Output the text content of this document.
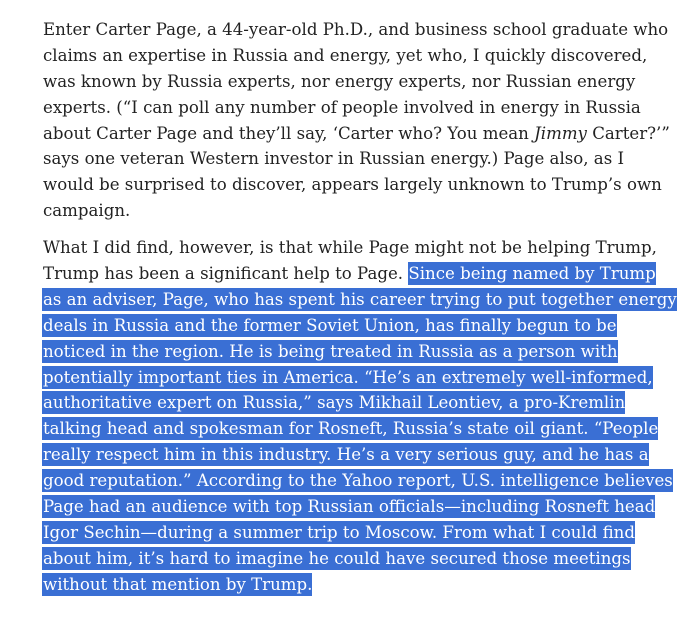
Enter Carter Page, a 44-year-old Ph.D., and business school graduate who
claims an expertise in Russia and energy, yet who, I quickly discovered,
was known by Russia experts, nor energy experts, nor Russian energy
experts. (“I can poll any number of people involved in energy in Russia
about Carter Page and they’ll say, ‘Carter who? You mean Jimmy Carter?’”
says one veteran Western investor in Russian energy.) Page also, as I
would be surprised to discover, appears largely unknown to Trump’s own
campaign.

What I did find, however, is that while Page might not be helping Trump,
Trump has been a significant help to Page. Since being named by Trump
as an adviser, Page, who has spent his career trying to put together energy
deals in Russia and the former Soviet Union, has finally begun to be
noticed in the region. He is being treated in Russia as a person with
potentially important ties in America. “He’s an extremely well-informed,
authoritative expert on Russia,” says Mikhail Leontiev, a pro-Kremlin
talking head and spokesman for Rosneft, Russia’s state oil giant. “People
really respect him in this industry. He’s a very serious guy, and he has a
good reputation.” According to the Yahoo report, U.S. intelligence believes
Page had an audience with top Russian officials—including Rosneft head
Igor Sechin—during a summer trip to Moscow. From what I could find
about him, it’s hard to imagine he could have secured those meetings
without that mention by Trump.
